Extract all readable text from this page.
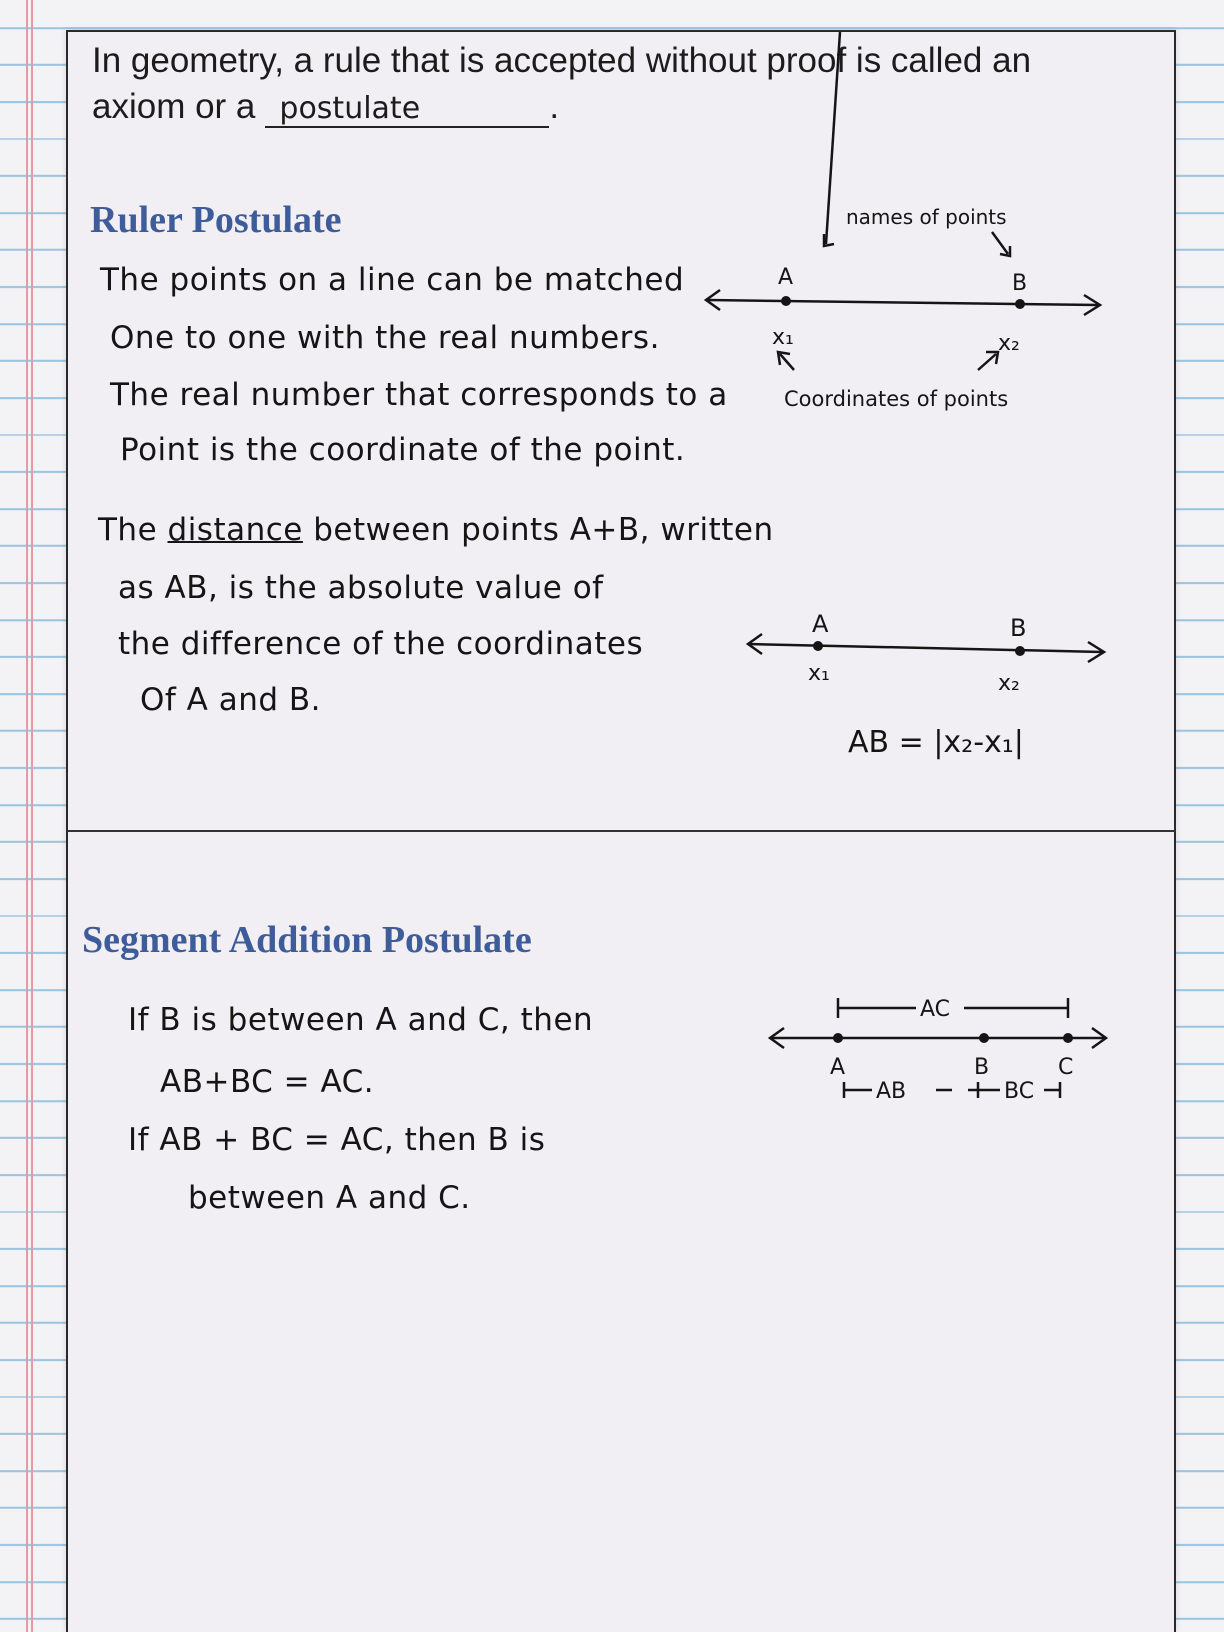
In geometry, a rule that is accepted without proof is called an
axiom or a postulate	.
Ruler Postulate
The points on a line can be matched
One to one with the real numbers.
The real number that corresponds to a
Point is the coordinate of the point.
names of points
A	B
x₁	x₂
Coordinates of points
The distance between points A+B, written
as AB, is the absolute value of
the difference of the coordinates
Of A and B.
A	B
x₁	x₂
AB = |x₂-x₁|
Segment Addition Postulate
If B is between A and C, then
AB+BC = AC.
If AB + BC = AC, then B is
between A and C.
AC
A	B	C
AB	BC
